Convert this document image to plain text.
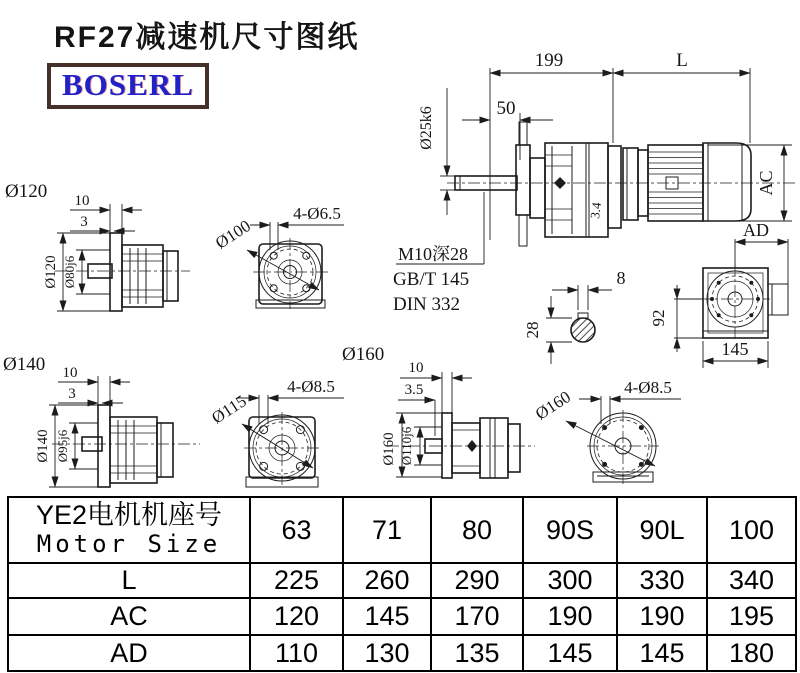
RF27减速机尺寸图纸
BOSERL
199	L
50
Ø25k6
AC
3.4
M10深28
GB/T 145
DIN 332
8
28
AD
92
145
Ø120 10
3
Ø120 Ø80j6
4-Ø6.5
Ø100
Ø140 10
3
Ø140 Ø95j6
4-Ø8.5
Ø115
Ø160
10
3.5
Ø160 Ø110j6
4-Ø8.5
Ø160
YE2电机机座号
Motor Size	63	71	80	90S	90L	100
L	225	260	290	300	330	340
AC	120	145	170	190	190	195
AD	110	130	135	145	145	180
